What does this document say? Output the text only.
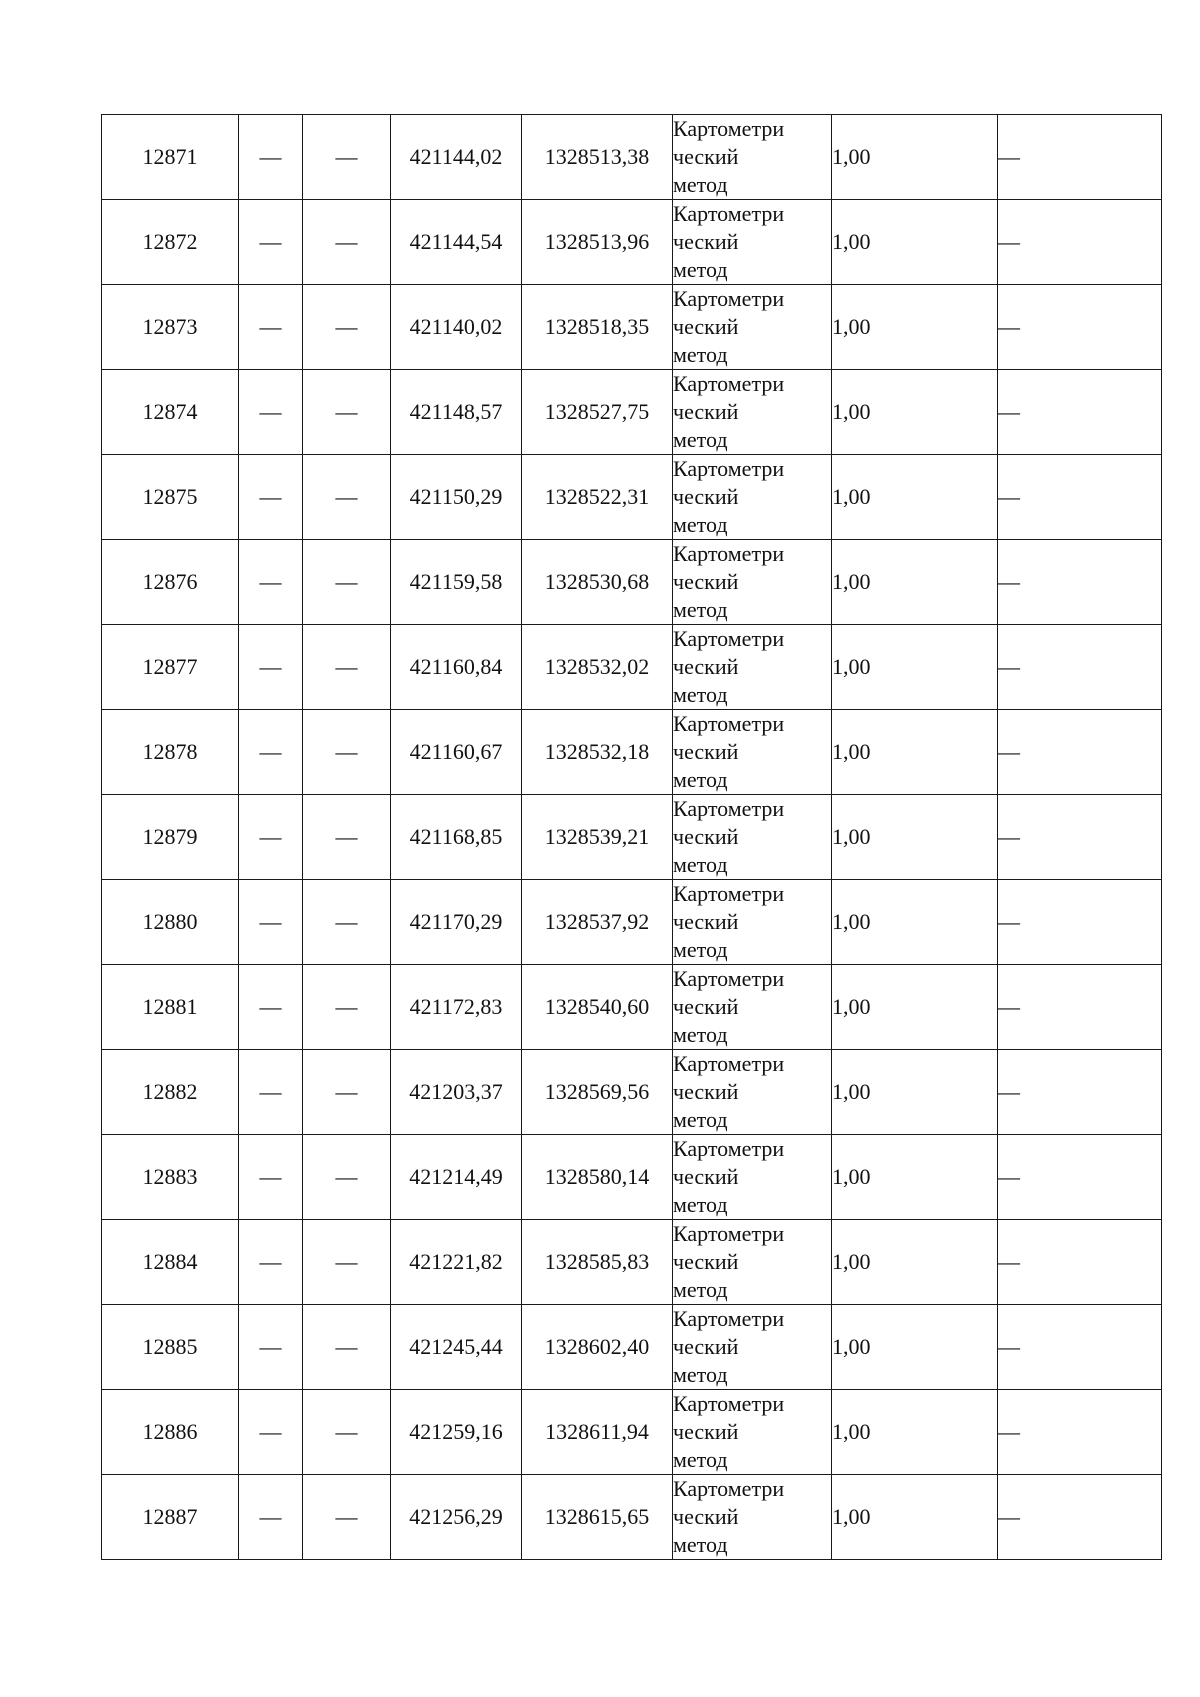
12871	—	—	421144,02	1328513,38	Картометри
ческий
метод	1,00	—
12872	—	—	421144,54	1328513,96	Картометри
ческий
метод	1,00	—
12873	—	—	421140,02	1328518,35	Картометри
ческий
метод	1,00	—
12874	—	—	421148,57	1328527,75	Картометри
ческий
метод	1,00	—
12875	—	—	421150,29	1328522,31	Картометри
ческий
метод	1,00	—
12876	—	—	421159,58	1328530,68	Картометри
ческий
метод	1,00	—
12877	—	—	421160,84	1328532,02	Картометри
ческий
метод	1,00	—
12878	—	—	421160,67	1328532,18	Картометри
ческий
метод	1,00	—
12879	—	—	421168,85	1328539,21	Картометри
ческий
метод	1,00	—
12880	—	—	421170,29	1328537,92	Картометри
ческий
метод	1,00	—
12881	—	—	421172,83	1328540,60	Картометри
ческий
метод	1,00	—
12882	—	—	421203,37	1328569,56	Картометри
ческий
метод	1,00	—
12883	—	—	421214,49	1328580,14	Картометри
ческий
метод	1,00	—
12884	—	—	421221,82	1328585,83	Картометри
ческий
метод	1,00	—
12885	—	—	421245,44	1328602,40	Картометри
ческий
метод	1,00	—
12886	—	—	421259,16	1328611,94	Картометри
ческий
метод	1,00	—
12887	—	—	421256,29	1328615,65	Картометри
ческий
метод	1,00	—
